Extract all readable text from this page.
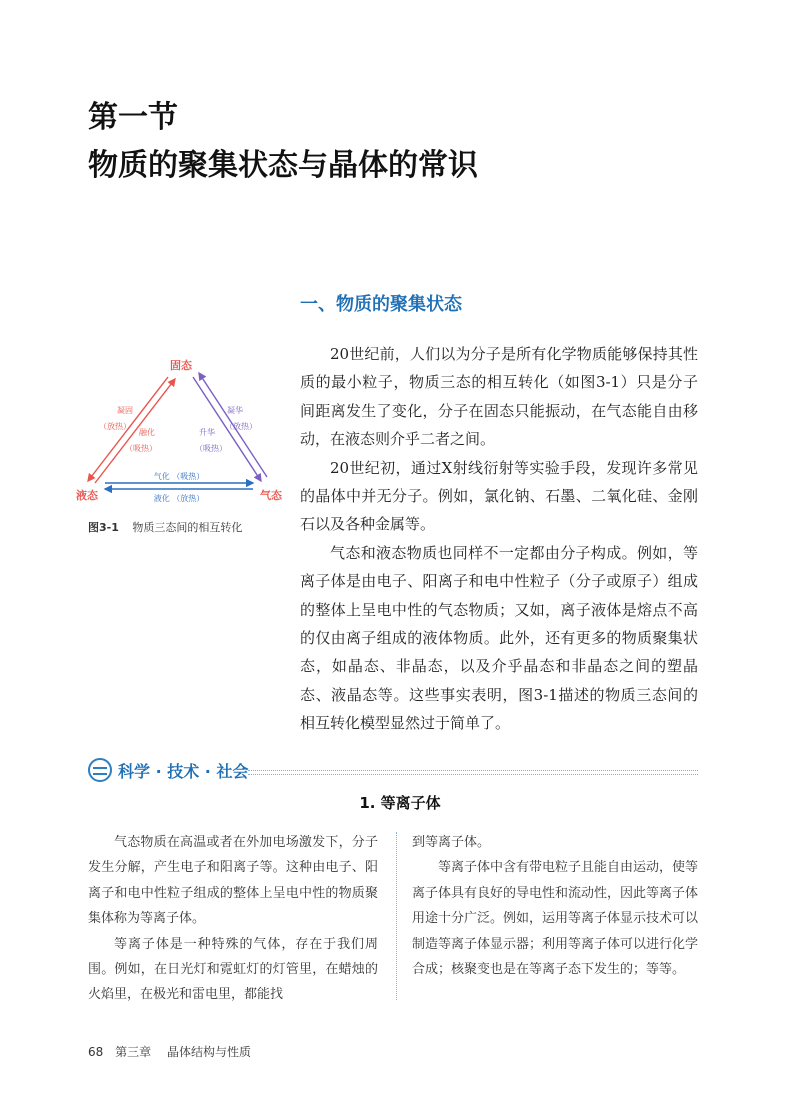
第一节
物质的聚集状态与晶体的常识
一、物质的聚集状态
固态
液态	气态
凝固
（放热）
融化
（吸热）
凝华
（放热）
升华
（吸热）
气化 （吸热）
液化 （放热）
图3-1 物质三态间的相互转化

20世纪前，人们以为分子是所有化学物质能够保持其性质的最小粒子，物质三态的相互转化（如图3-1）只是分子间距离发生了变化，分子在固态只能振动，在气态能自由移动，在液态则介乎二者之间。

20世纪初，通过X射线衍射等实验手段，发现许多常见的晶体中并无分子。例如，氯化钠、石墨、二氧化硅、金刚石以及各种金属等。

气态和液态物质也同样不一定都由分子构成。例如，等离子体是由电子、阳离子和电中性粒子（分子或原子）组成的整体上呈电中性的气态物质；又如，离子液体是熔点不高的仅由离子组成的液体物质。此外，还有更多的物质聚集状态，如晶态、非晶态，以及介乎晶态和非晶态之间的塑晶态、液晶态等。这些事实表明，图3-1描述的物质三态间的相互转化模型显然过于简单了。

科学 · 技术 · 社会
1. 等离子体

气态物质在高温或者在外加电场激发下，分子发生分解，产生电子和阳离子等。这种由电子、阳离子和电中性粒子组成的整体上呈电中性的物质聚集体称为等离子体。

等离子体是一种特殊的气体，存在于我们周围。例如，在日光灯和霓虹灯的灯管里，在蜡烛的火焰里，在极光和雷电里，都能找

到等离子体。

等离子体中含有带电粒子且能自由运动，使等离子体具有良好的导电性和流动性，因此等离子体用途十分广泛。例如，运用等离子体显示技术可以制造等离子体显示器；利用等离子体可以进行化学合成；核聚变也是在等离子态下发生的；等等。

68 第三章 晶体结构与性质
